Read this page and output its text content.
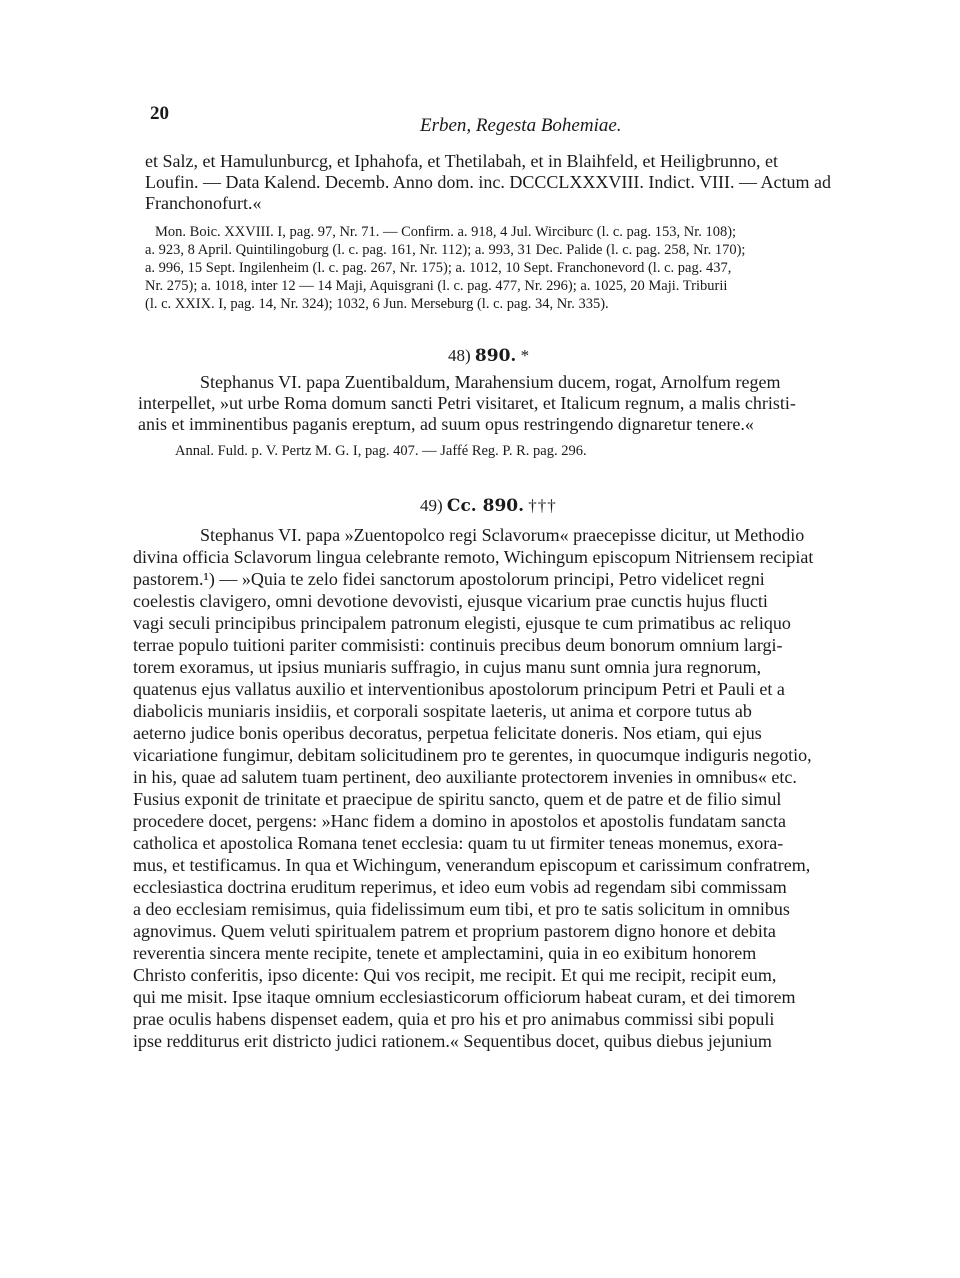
20
Erben, Regesta Bohemiae.
et Salz, et Hamulunburcg, et Iphahofa, et Thetilabah, et in Blaihfeld, et Heiligbrunno, et
Loufin. — Data Kalend. Decemb. Anno dom. inc. DCCCLXXXVIII. Indict. VIII. — Actum ad
Franchonofurt.«
Mon. Boic. XXVIII. I, pag. 97, Nr. 71. — Confirm. a. 918, 4 Jul. Wirciburc (l. c. pag. 153, Nr. 108);
a. 923, 8 April. Quintilingoburg (l. c. pag. 161, Nr. 112); a. 993, 31 Dec. Palide (l. c. pag. 258, Nr. 170);
a. 996, 15 Sept. Ingilenheim (l. c. pag. 267, Nr. 175); a. 1012, 10 Sept. Franchonevord (l. c. pag. 437,
Nr. 275); a. 1018, inter 12 — 14 Maji, Aquisgrani (l. c. pag. 477, Nr. 296); a. 1025, 20 Maji. Triburii
(l. c. XXIX. I, pag. 14, Nr. 324); 1032, 6 Jun. Merseburg (l. c. pag. 34, Nr. 335).
48) 890. *
Stephanus VI. papa Zuentibaldum, Marahensium ducem, rogat, Arnolfum regem
interpellet, »ut urbe Roma domum sancti Petri visitaret, et Italicum regnum, a malis christi-
anis et imminentibus paganis ereptum, ad suum opus restringendo dignaretur tenere.«
Annal. Fuld. p. V. Pertz M. G. I, pag. 407. — Jaffé Reg. P. R. pag. 296.
49) Cc. 890. †††
Stephanus VI. papa »Zuentopolco regi Sclavorum« praecepisse dicitur, ut Methodio
divina officia Sclavorum lingua celebrante remoto, Wichingum episcopum Nitriensem recipiat
pastorem.¹) — »Quia te zelo fidei sanctorum apostolorum principi, Petro videlicet regni
coelestis clavigero, omni devotione devovisti, ejusque vicarium prae cunctis hujus flucti
vagi seculi principibus principalem patronum elegisti, ejusque te cum primatibus ac reliquo
terrae populo tuitioni pariter commisisti: continuis precibus deum bonorum omnium largi-
torem exoramus, ut ipsius muniaris suffragio, in cujus manu sunt omnia jura regnorum,
quatenus ejus vallatus auxilio et interventionibus apostolorum principum Petri et Pauli et a
diabolicis muniaris insidiis, et corporali sospitate laeteris, ut anima et corpore tutus ab
aeterno judice bonis operibus decoratus, perpetua felicitate doneris. Nos etiam, qui ejus
vicariatione fungimur, debitam solicitudinem pro te gerentes, in quocumque indiguris negotio,
in his, quae ad salutem tuam pertinent, deo auxiliante protectorem invenies in omnibus« etc.
Fusius exponit de trinitate et praecipue de spiritu sancto, quem et de patre et de filio simul
procedere docet, pergens: »Hanc fidem a domino in apostolos et apostolis fundatam sancta
catholica et apostolica Romana tenet ecclesia: quam tu ut firmiter teneas monemus, exora-
mus, et testificamus. In qua et Wichingum, venerandum episcopum et carissimum confratrem,
ecclesiastica doctrina eruditum reperimus, et ideo eum vobis ad regendam sibi commissam
a deo ecclesiam remisimus, quia fidelissimum eum tibi, et pro te satis solicitum in omnibus
agnovimus. Quem veluti spiritualem patrem et proprium pastorem digno honore et debita
reverentia sincera mente recipite, tenete et amplectamini, quia in eo exibitum honorem
Christo conferitis, ipso dicente: Qui vos recipit, me recipit. Et qui me recipit, recipit eum,
qui me misit. Ipse itaque omnium ecclesiasticorum officiorum habeat curam, et dei timorem
prae oculis habens dispenset eadem, quia et pro his et pro animabus commissi sibi populi
ipse redditurus erit districto judici rationem.« Sequentibus docet, quibus diebus jejunium
